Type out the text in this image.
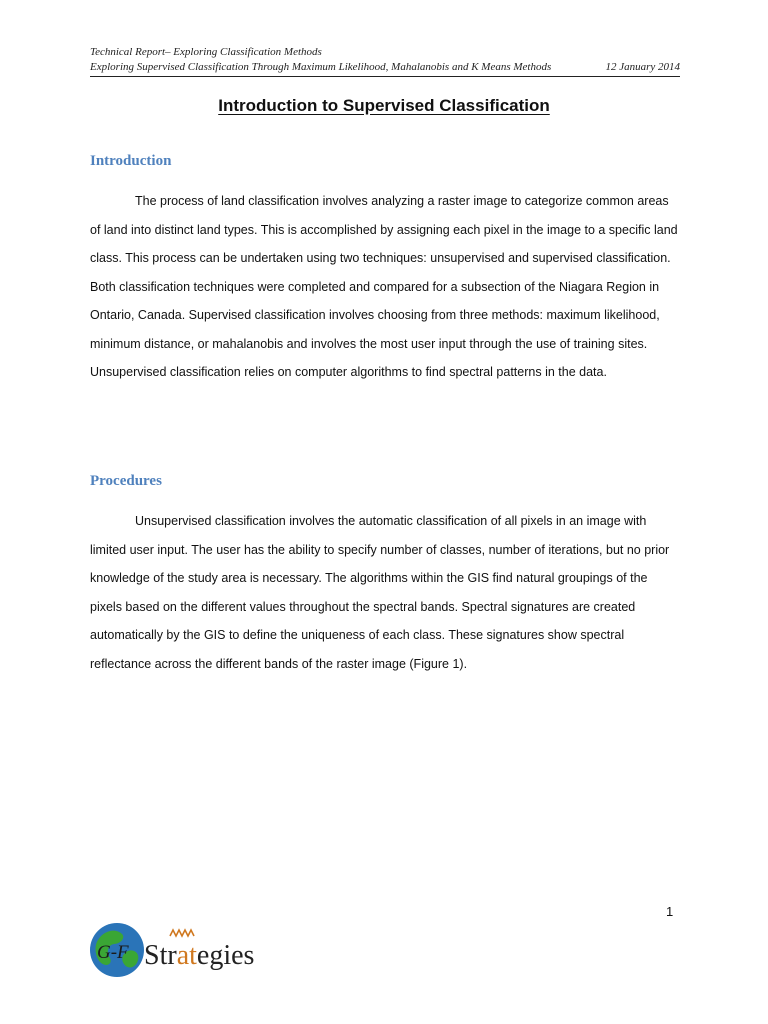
Technical Report– Exploring Classification Methods
Exploring Supervised Classification Through Maximum Likelihood, Mahalanobis and K Means Methods	12 January 2014
Introduction to Supervised Classification
Introduction

The process of land classification involves analyzing a raster image to categorize common areas of land into distinct land types. This is accomplished by assigning each pixel in the image to a specific land class. This process can be undertaken using two techniques: unsupervised and supervised classification. Both classification techniques were completed and compared for a subsection of the Niagara Region in Ontario, Canada. Supervised classification involves choosing from three methods: maximum likelihood, minimum distance, or mahalanobis and involves the most user input through the use of training sites. Unsupervised classification relies on computer algorithms to find spectral patterns in the data.

Procedures

Unsupervised classification involves the automatic classification of all pixels in an image with limited user input. The user has the ability to specify number of classes, number of iterations, but no prior knowledge of the study area is necessary. The algorithms within the GIS find natural groupings of the pixels based on the different values throughout the spectral bands. Spectral signatures are created automatically by the GIS to define the uniqueness of each class. These signatures show spectral reflectance across the different bands of the raster image (Figure 1).

1
G-F Strategies
